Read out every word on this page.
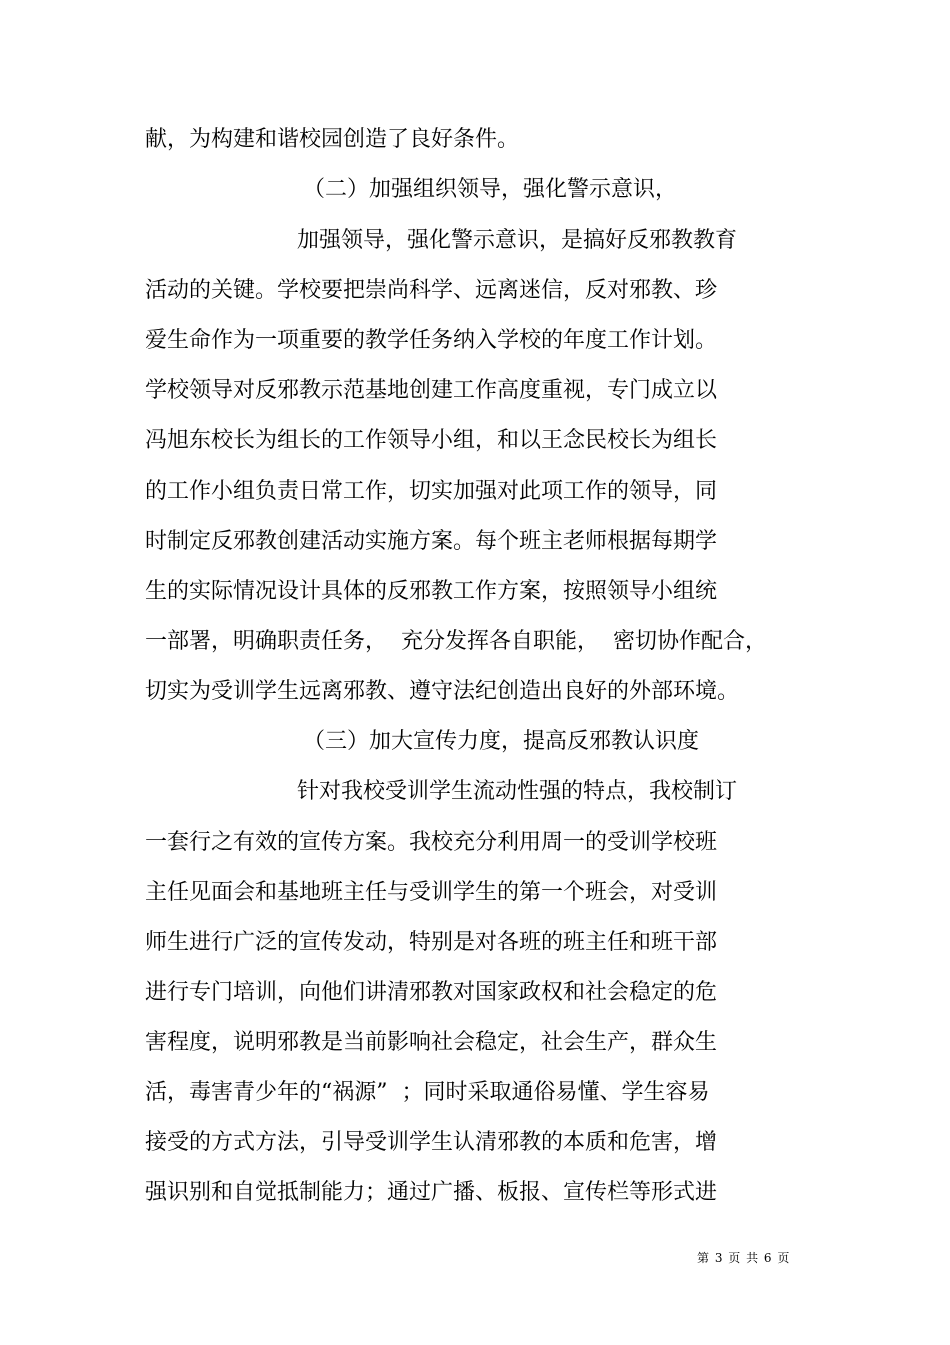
献，为构建和谐校园创造了良好条件。
（二）加强组织领导，强化警示意识，
加强领导，强化警示意识，是搞好反邪教教育
活动的关键。学校要把崇尚科学、远离迷信，反对邪教、珍
爱生命作为一项重要的教学任务纳入学校的年度工作计划。
学校领导对反邪教示范基地创建工作高度重视，专门成立以
冯旭东校长为组长的工作领导小组，和以王念民校长为组长
的工作小组负责日常工作，切实加强对此项工作的领导，同
时制定反邪教创建活动实施方案。每个班主老师根据每期学
生的实际情况设计具体的反邪教工作方案，按照领导小组统
一部署，明确职责任务，  充分发挥各自职能，  密切协作配合，
切实为受训学生远离邪教、遵守法纪创造出良好的外部环境。
（三）加大宣传力度，提高反邪教认识度
针对我校受训学生流动性强的特点，我校制订
一套行之有效的宣传方案。我校充分利用周一的受训学校班
主任见面会和基地班主任与受训学生的第一个班会，对受训
师生进行广泛的宣传发动，特别是对各班的班主任和班干部
进行专门培训，向他们讲清邪教对国家政权和社会稳定的危
害程度，说明邪教是当前影响社会稳定，社会生产，群众生
活，毒害青少年的“祸源”  ；同时采取通俗易懂、学生容易
接受的方式方法，引导受训学生认清邪教的本质和危害，增
强识别和自觉抵制能力；通过广播、板报、宣传栏等形式进
第 3 页 共 6 页
